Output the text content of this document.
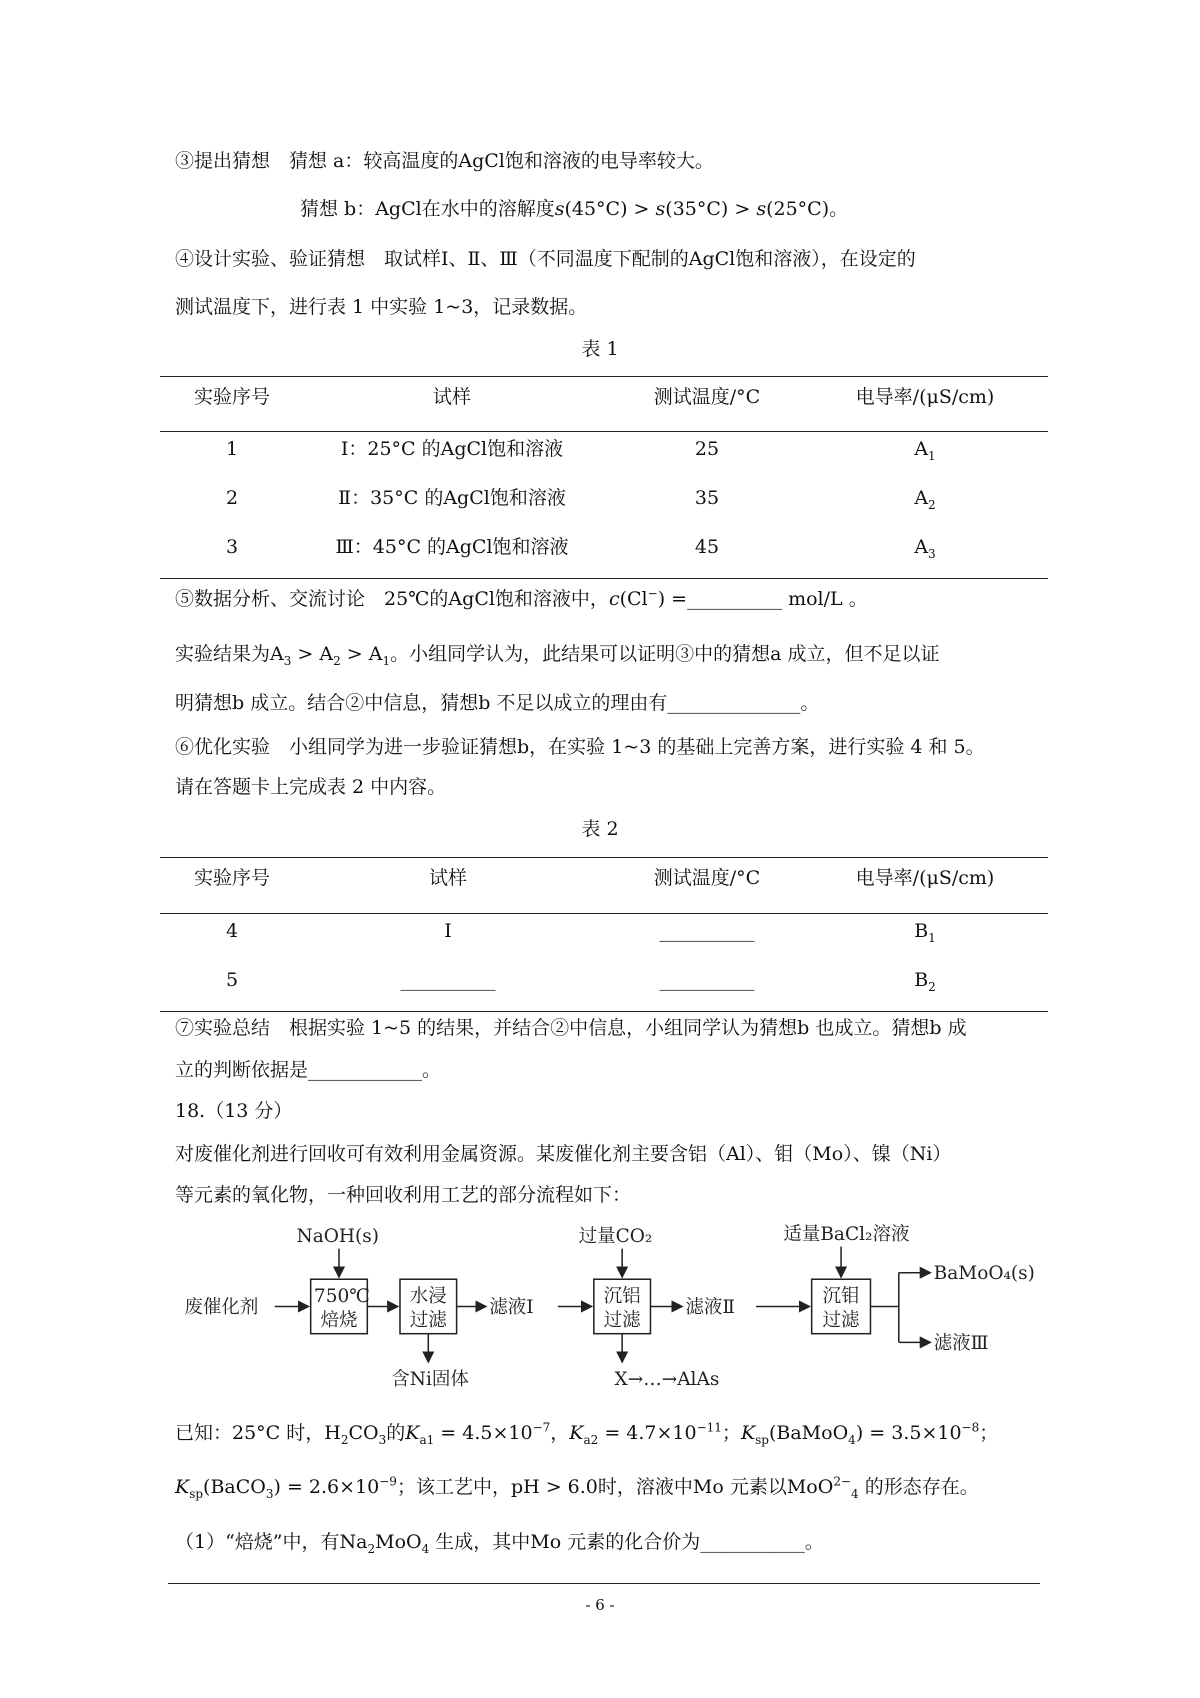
③提出猜想　猜想 a：较高温度的AgCl饱和溶液的电导率较大。
猜想 b：AgCl在水中的溶解度s(45°C) > s(35°C) > s(25°C)。
④设计实验、验证猜想　取试样Ⅰ、Ⅱ、Ⅲ（不同温度下配制的AgCl饱和溶液），在设定的
测试温度下，进行表 1 中实验 1~3，记录数据。
表 1
实验序号	试样	测试温度/°C	电导率/(μS/cm)
1	Ⅰ：25°C 的AgCl饱和溶液	25	$A_1$
2	Ⅱ：35°C 的AgCl饱和溶液	35	$A_2$
3	Ⅲ：45°C 的AgCl饱和溶液	45	$A_3$
⑤数据分析、交流讨论　25℃的AgCl饱和溶液中，c(Cl−) =__________ mol/L 。
实验结果为$A_3 > A_2 > A_1$。小组同学认为，此结果可以证明③中的猜想a 成立，但不足以证
明猜想b 成立。结合②中信息，猜想b 不足以成立的理由有______________。
⑥优化实验　小组同学为进一步验证猜想b，在实验 1~3 的基础上完善方案，进行实验 4 和 5。
请在答题卡上完成表 2 中内容。
表 2
实验序号	试样	测试温度/°C	电导率/(μS/cm)
4	Ⅰ	__________	$B_1$
5	__________	__________	$B_2$
⑦实验总结　根据实验 1~5 的结果，并结合②中信息，小组同学认为猜想b 也成立。猜想b 成
立的判断依据是____________。
18.（13 分）
对废催化剂进行回收可有效利用金属资源。某废催化剂主要含铝（Al）、钼（Mo）、镍（Ni）
等元素的氧化物，一种回收利用工艺的部分流程如下：
废催化剂
750℃
焙烧
水浸
过滤
沉铝
过滤
沉钼
过滤
NaOH(s)	过量CO₂	适量BaCl₂溶液
滤液Ⅰ	滤液Ⅱ
BaMoO₄(s)
滤液Ⅲ
含Ni固体	X→…→AlAs
已知：25°C 时，$H_2CO_3$的$K_{a1} = 4.5\times 10^{-7}$，$K_{a2} = 4.7\times 10^{-11}$；$K_{sp}(BaMoO_4) = 3.5\times 10^{-8}$；
$K_{sp}(BaCO_3) = 2.6\times 10^{-9}$；该工艺中，pH > 6.0时，溶液中Mo 元素以MoO$^{2-}_4$ 的形态存在。
（1）“焙烧”中，有$Na_2MoO_4$ 生成，其中Mo 元素的化合价为___________。
- 6 -
